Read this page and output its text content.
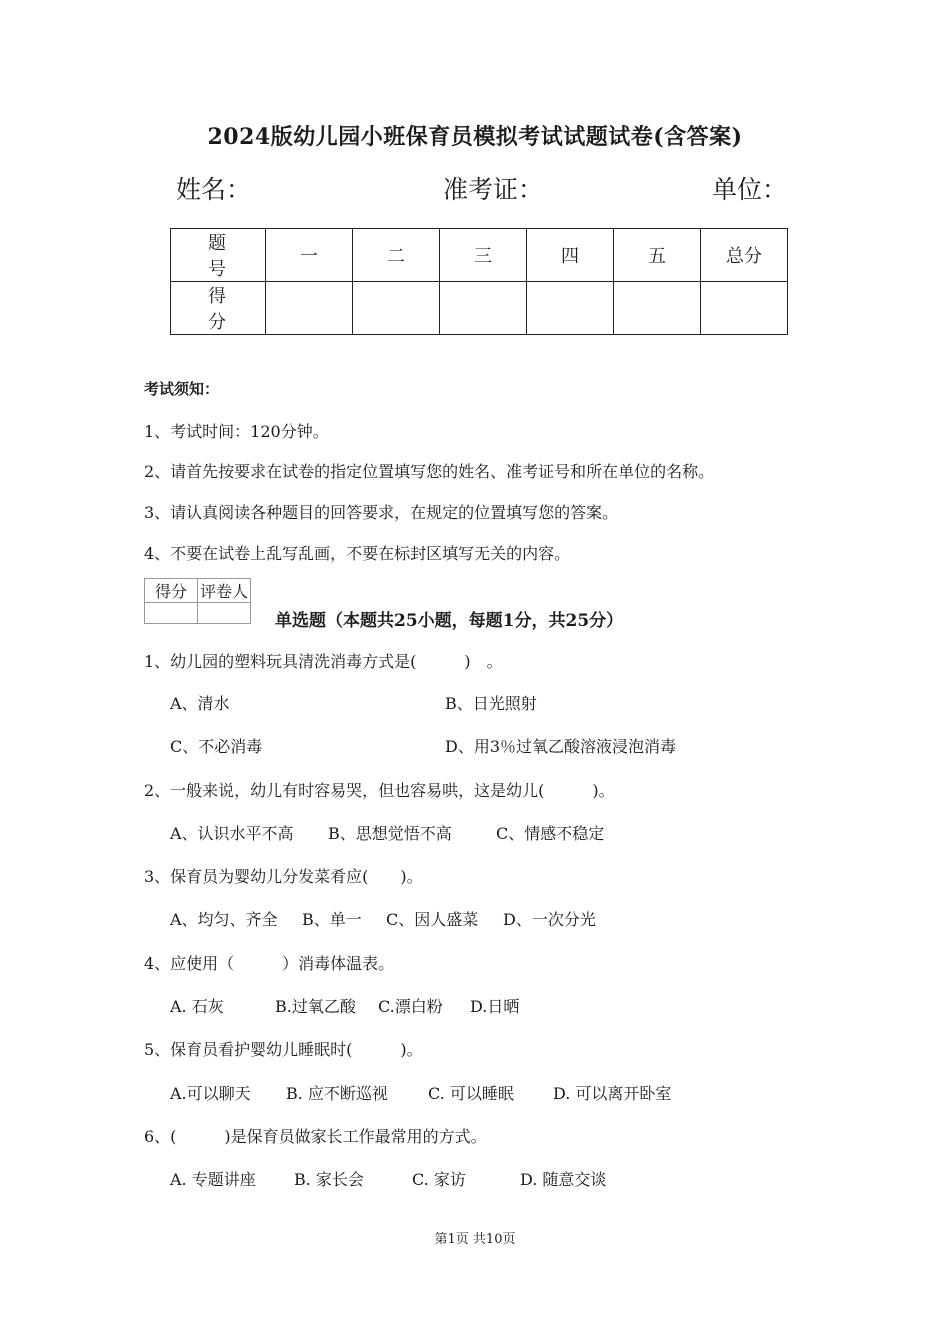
2024版幼儿园小班保育员模拟考试试题试卷(含答案)
姓名：	准考证：	单位：
题　号	一	二	三	四	五	总分
得　分						
考试须知：
1、考试时间：120分钟。
2、请首先按要求在试卷的指定位置填写您的姓名、准考证号和所在单位的名称。
3、请认真阅读各种题目的回答要求，在规定的位置填写您的答案。
4、不要在试卷上乱写乱画，不要在标封区填写无关的内容。
得分	评卷人

单选题（本题共25小题，每题1分，共25分）
1、幼儿园的塑料玩具清洗消毒方式是(　　　)　。
A、清水	B、日光照射
C、不必消毒	D、用3％过氧乙酸溶液浸泡消毒
2、一般来说，幼儿有时容易哭，但也容易哄，这是幼儿(　　　)。
A、认识水平不高 B、思想觉悟不高	C、情感不稳定
3、保育员为婴幼儿分发菜肴应(　　)。
A、均匀、齐全 B、单一 C、因人盛菜 D、一次分光
4、应使用（　　　）消毒体温表。
A. 石灰	B.过氧乙酸 C.漂白粉 D.日晒
5、保育员看护婴幼儿睡眠时(　　　)。
A.可以聊天 B. 应不断巡视	C. 可以睡眠 D. 可以离开卧室
6、(　　　)是保育员做家长工作最常用的方式。
A. 专题讲座 B. 家长会	C. 家访	D. 随意交谈
第1页 共10页
